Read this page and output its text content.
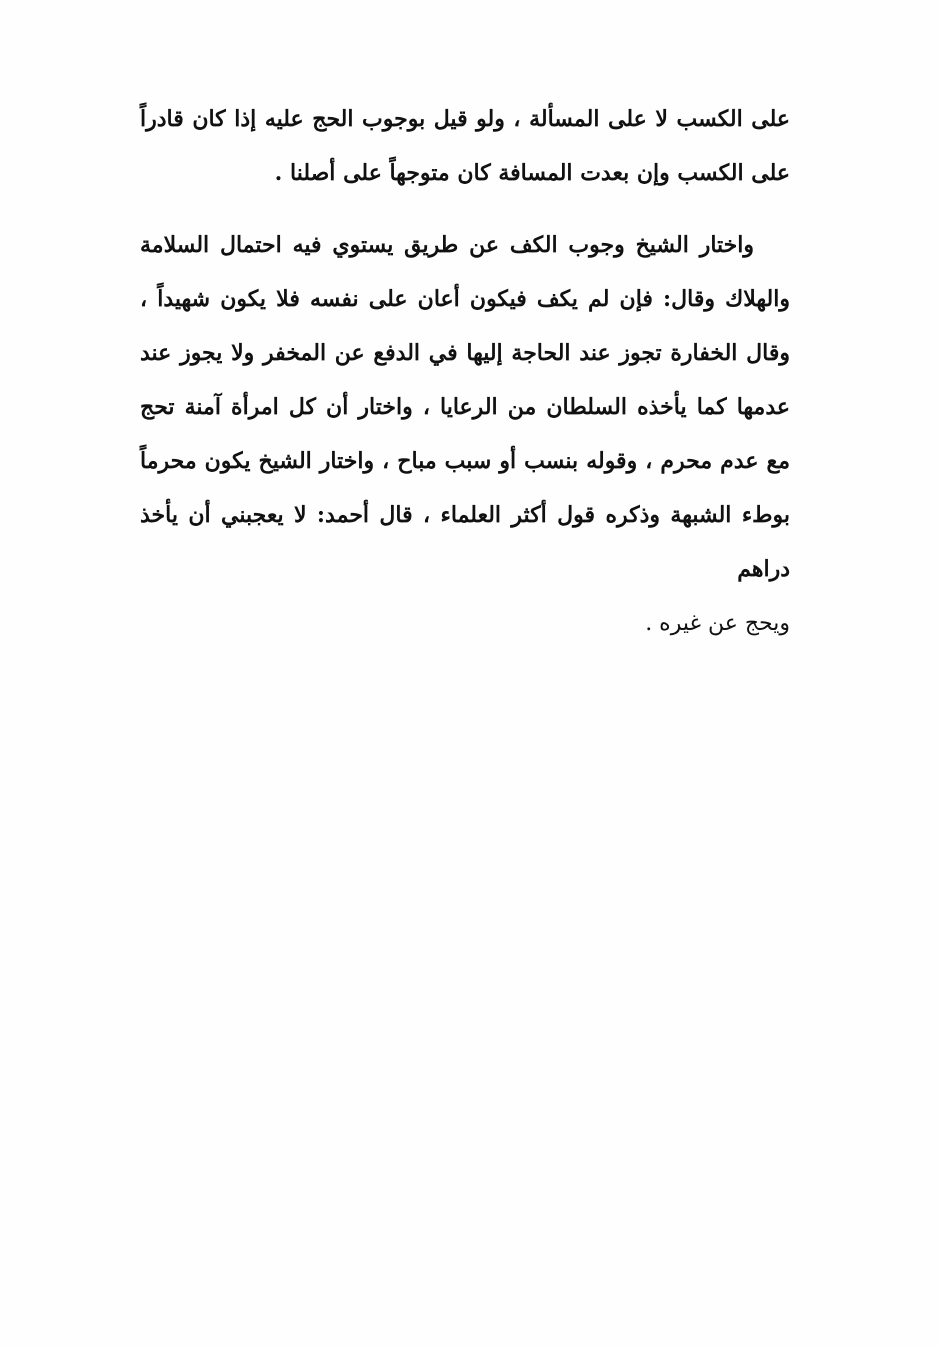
على الكسب لا على المسألة ، ولو قيل بوجوب الحج عليه إذا كان قادراً على الكسب وإن بعدت المسافة كان متوجهاً على أصلنا .

واختار الشيخ وجوب الكف عن طريق يستوي فيه احتمال السلامة والهلاك وقال: فإن لم يكف فيكون أعان على نفسه فلا يكون شهيداً ، وقال الخفارة تجوز عند الحاجة إليها في الدفع عن المخفر ولا يجوز عند عدمها كما يأخذه السلطان من الرعايا ، واختار أن كل امرأة آمنة تحج مع عدم محرم ، وقوله بنسب أو سبب مباح ، واختار الشيخ يكون محرماً بوطء الشبهة وذكره قول أكثر العلماء ، قال أحمد: لا يعجبني أن يأخذ دراهم
ويحج عن غيره .
